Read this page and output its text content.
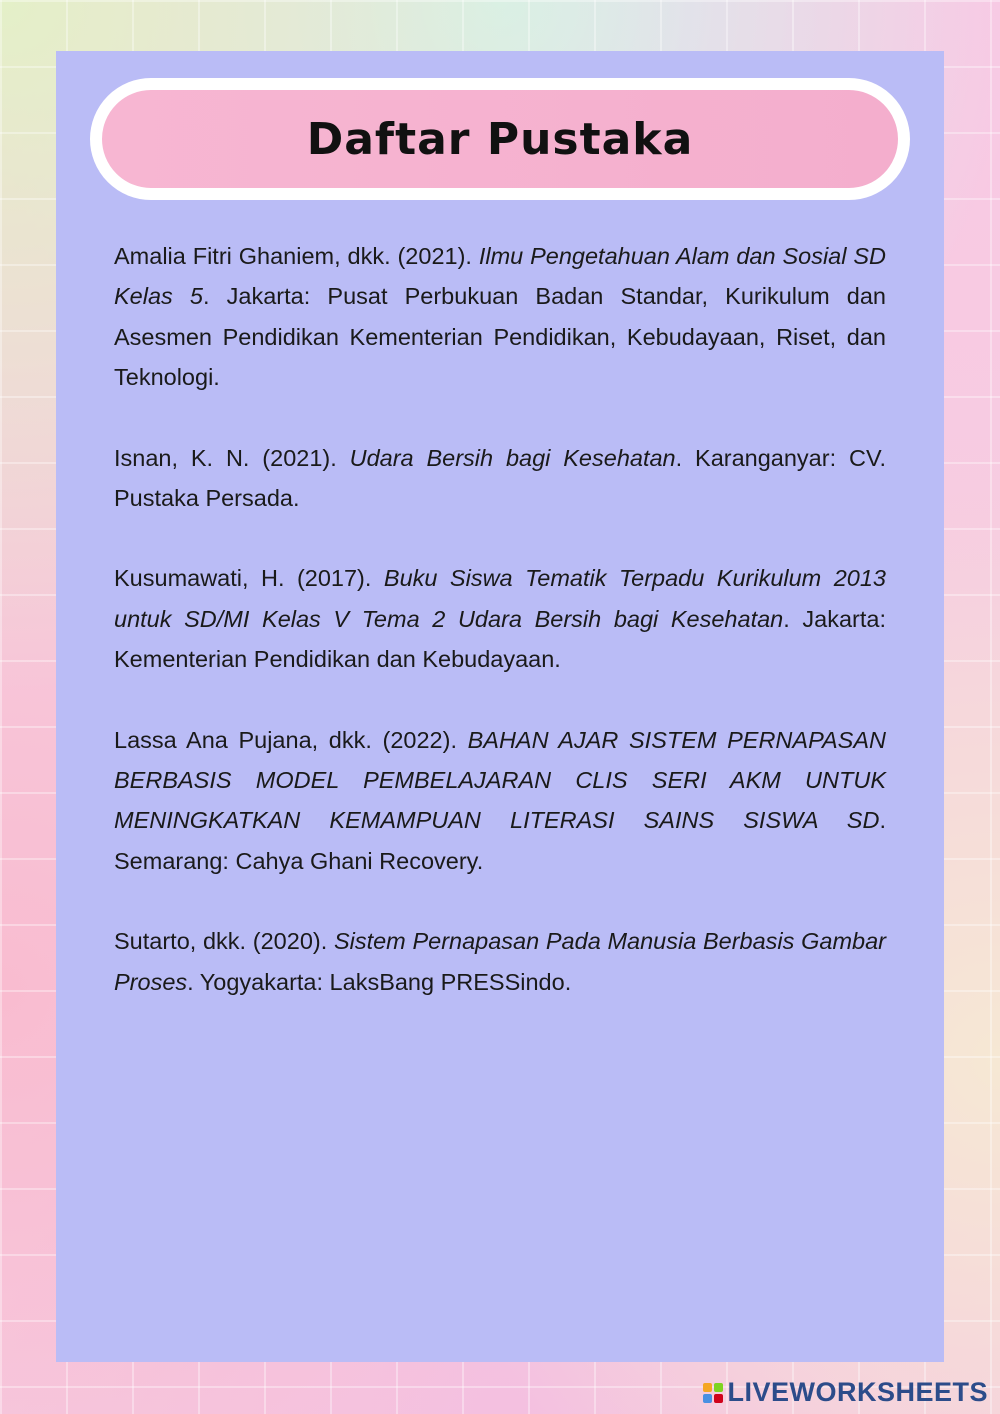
Daftar Pustaka

Amalia Fitri Ghaniem, dkk. (2021). Ilmu Pengetahuan Alam dan Sosial SD Kelas 5. Jakarta: Pusat Perbukuan Badan Standar, Kurikulum dan Asesmen Pendidikan Kementerian Pendidikan, Kebudayaan, Riset, dan Teknologi.

Isnan, K. N. (2021). Udara Bersih bagi Kesehatan. Karanganyar: CV. Pustaka Persada.

Kusumawati, H. (2017). Buku Siswa Tematik Terpadu Kurikulum 2013 untuk SD/MI Kelas V Tema 2 Udara Bersih bagi Kesehatan. Jakarta: Kementerian Pendidikan dan Kebudayaan.

Lassa Ana Pujana, dkk. (2022). BAHAN AJAR SISTEM PERNAPASAN BERBASIS MODEL PEMBELAJARAN CLIS SERI AKM UNTUK MENINGKATKAN KEMAMPUAN LITERASI SAINS SISWA SD. Semarang: Cahya Ghani Recovery.

Sutarto, dkk. (2020). Sistem Pernapasan Pada Manusia Berbasis Gambar Proses. Yogyakarta: LaksBang PRESSindo.

LIVEWORKSHEETS
